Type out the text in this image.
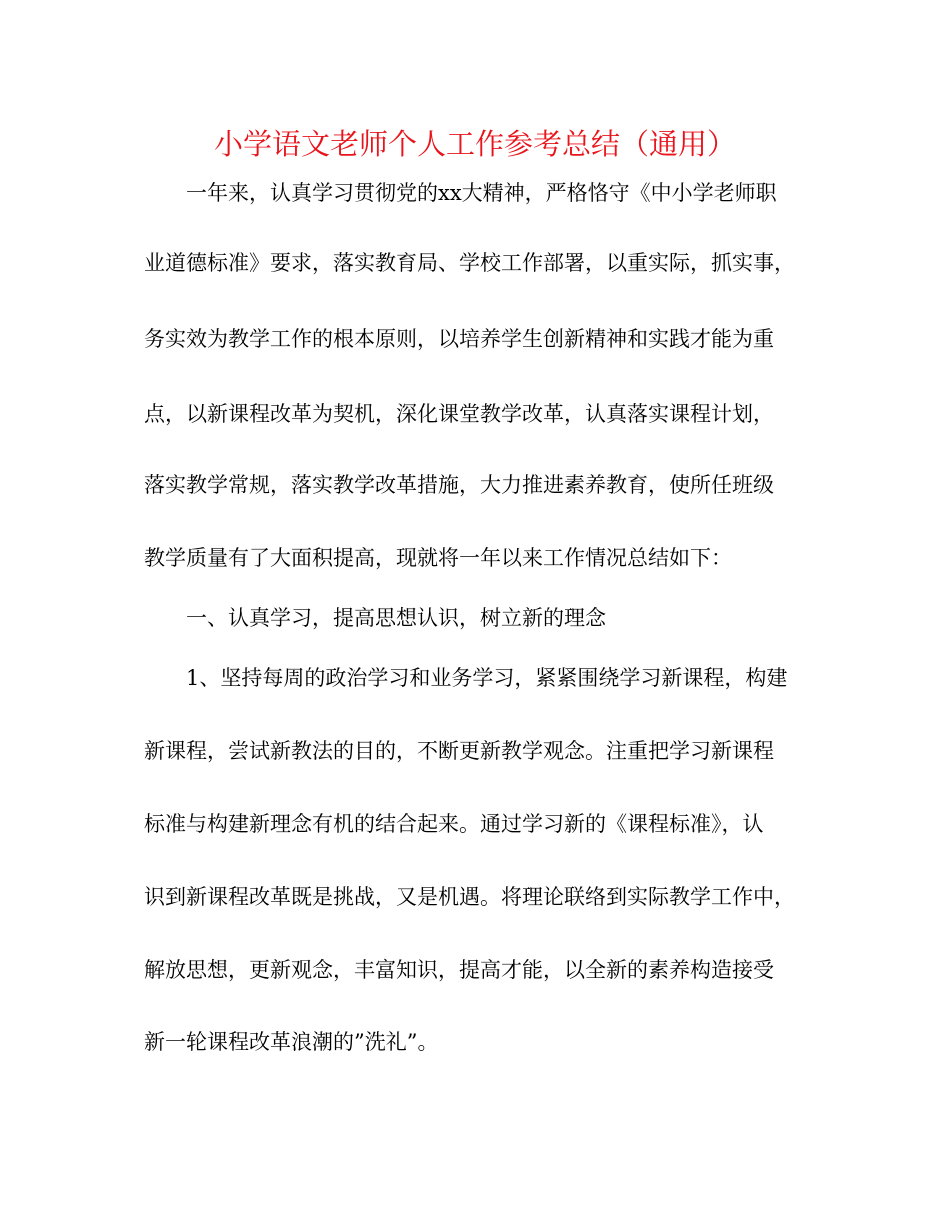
小学语文老师个人工作参考总结（通用）
一年来，认真学习贯彻党的xx大精神，严格恪守《中小学老师职
业道德标准》要求，落实教育局、学校工作部署，以重实际，抓实事，
务实效为教学工作的根本原则，以培养学生创新精神和实践才能为重
点，以新课程改革为契机，深化课堂教学改革，认真落实课程计划，
落实教学常规，落实教学改革措施，大力推进素养教育，使所任班级
教学质量有了大面积提高，现就将一年以来工作情况总结如下：
一、认真学习，提高思想认识，树立新的理念
1、坚持每周的政治学习和业务学习，紧紧围绕学习新课程，构建
新课程，尝试新教法的目的，不断更新教学观念。注重把学习新课程
标准与构建新理念有机的结合起来。通过学习新的《课程标准》，认
识到新课程改革既是挑战，又是机遇。将理论联络到实际教学工作中，
解放思想，更新观念，丰富知识，提高才能，以全新的素养构造接受
新一轮课程改革浪潮的”洗礼”。
